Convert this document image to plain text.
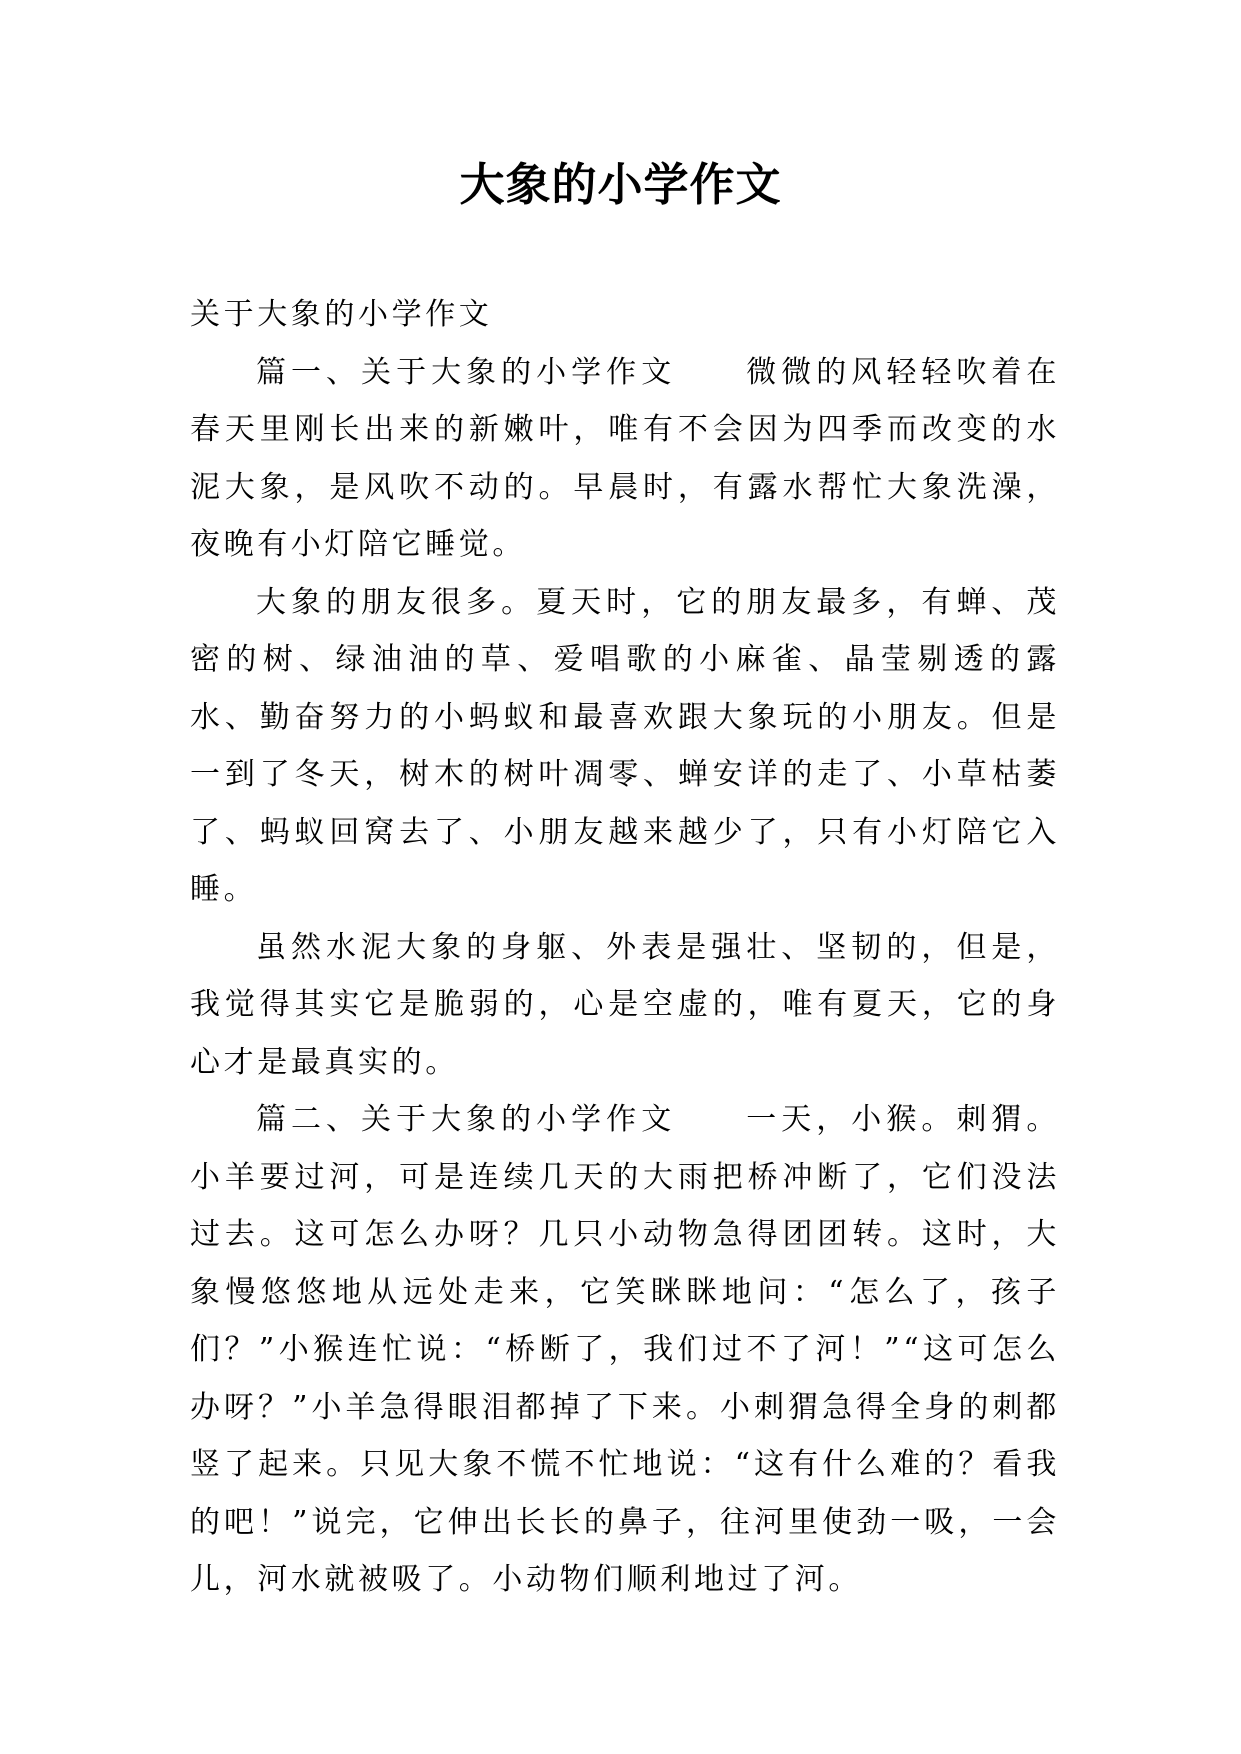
大象的小学作文

关于大象的小学作文

篇一、关于大象的小学作文　　微微的风轻轻吹着在春天里刚长出来的新嫩叶，唯有不会因为四季而改变的水泥大象，是风吹不动的。早晨时，有露水帮忙大象洗澡，夜晚有小灯陪它睡觉。

大象的朋友很多。夏天时，它的朋友最多，有蝉、茂密的树、绿油油的草、爱唱歌的小麻雀、晶莹剔透的露水、勤奋努力的小蚂蚁和最喜欢跟大象玩的小朋友。但是一到了冬天，树木的树叶凋零、蝉安详的走了、小草枯萎了、蚂蚁回窝去了、小朋友越来越少了，只有小灯陪它入睡。

虽然水泥大象的身躯、外表是强壮、坚韧的，但是，我觉得其实它是脆弱的，心是空虚的，唯有夏天，它的身心才是最真实的。

篇二、关于大象的小学作文　　一天，小猴。刺猬。小羊要过河，可是连续几天的大雨把桥冲断了，它们没法过去。这可怎么办呀？几只小动物急得团团转。这时，大象慢悠悠地从远处走来，它笑眯眯地问：“怎么了，孩子们？”小猴连忙说：“桥断了，我们过不了河！”“这可怎么办呀？”小羊急得眼泪都掉了下来。小刺猬急得全身的刺都竖了起来。只见大象不慌不忙地说：“这有什么难的？看我的吧！”说完，它伸出长长的鼻子，往河里使劲一吸，一会儿，河水就被吸了。小动物们顺利地过了河。
